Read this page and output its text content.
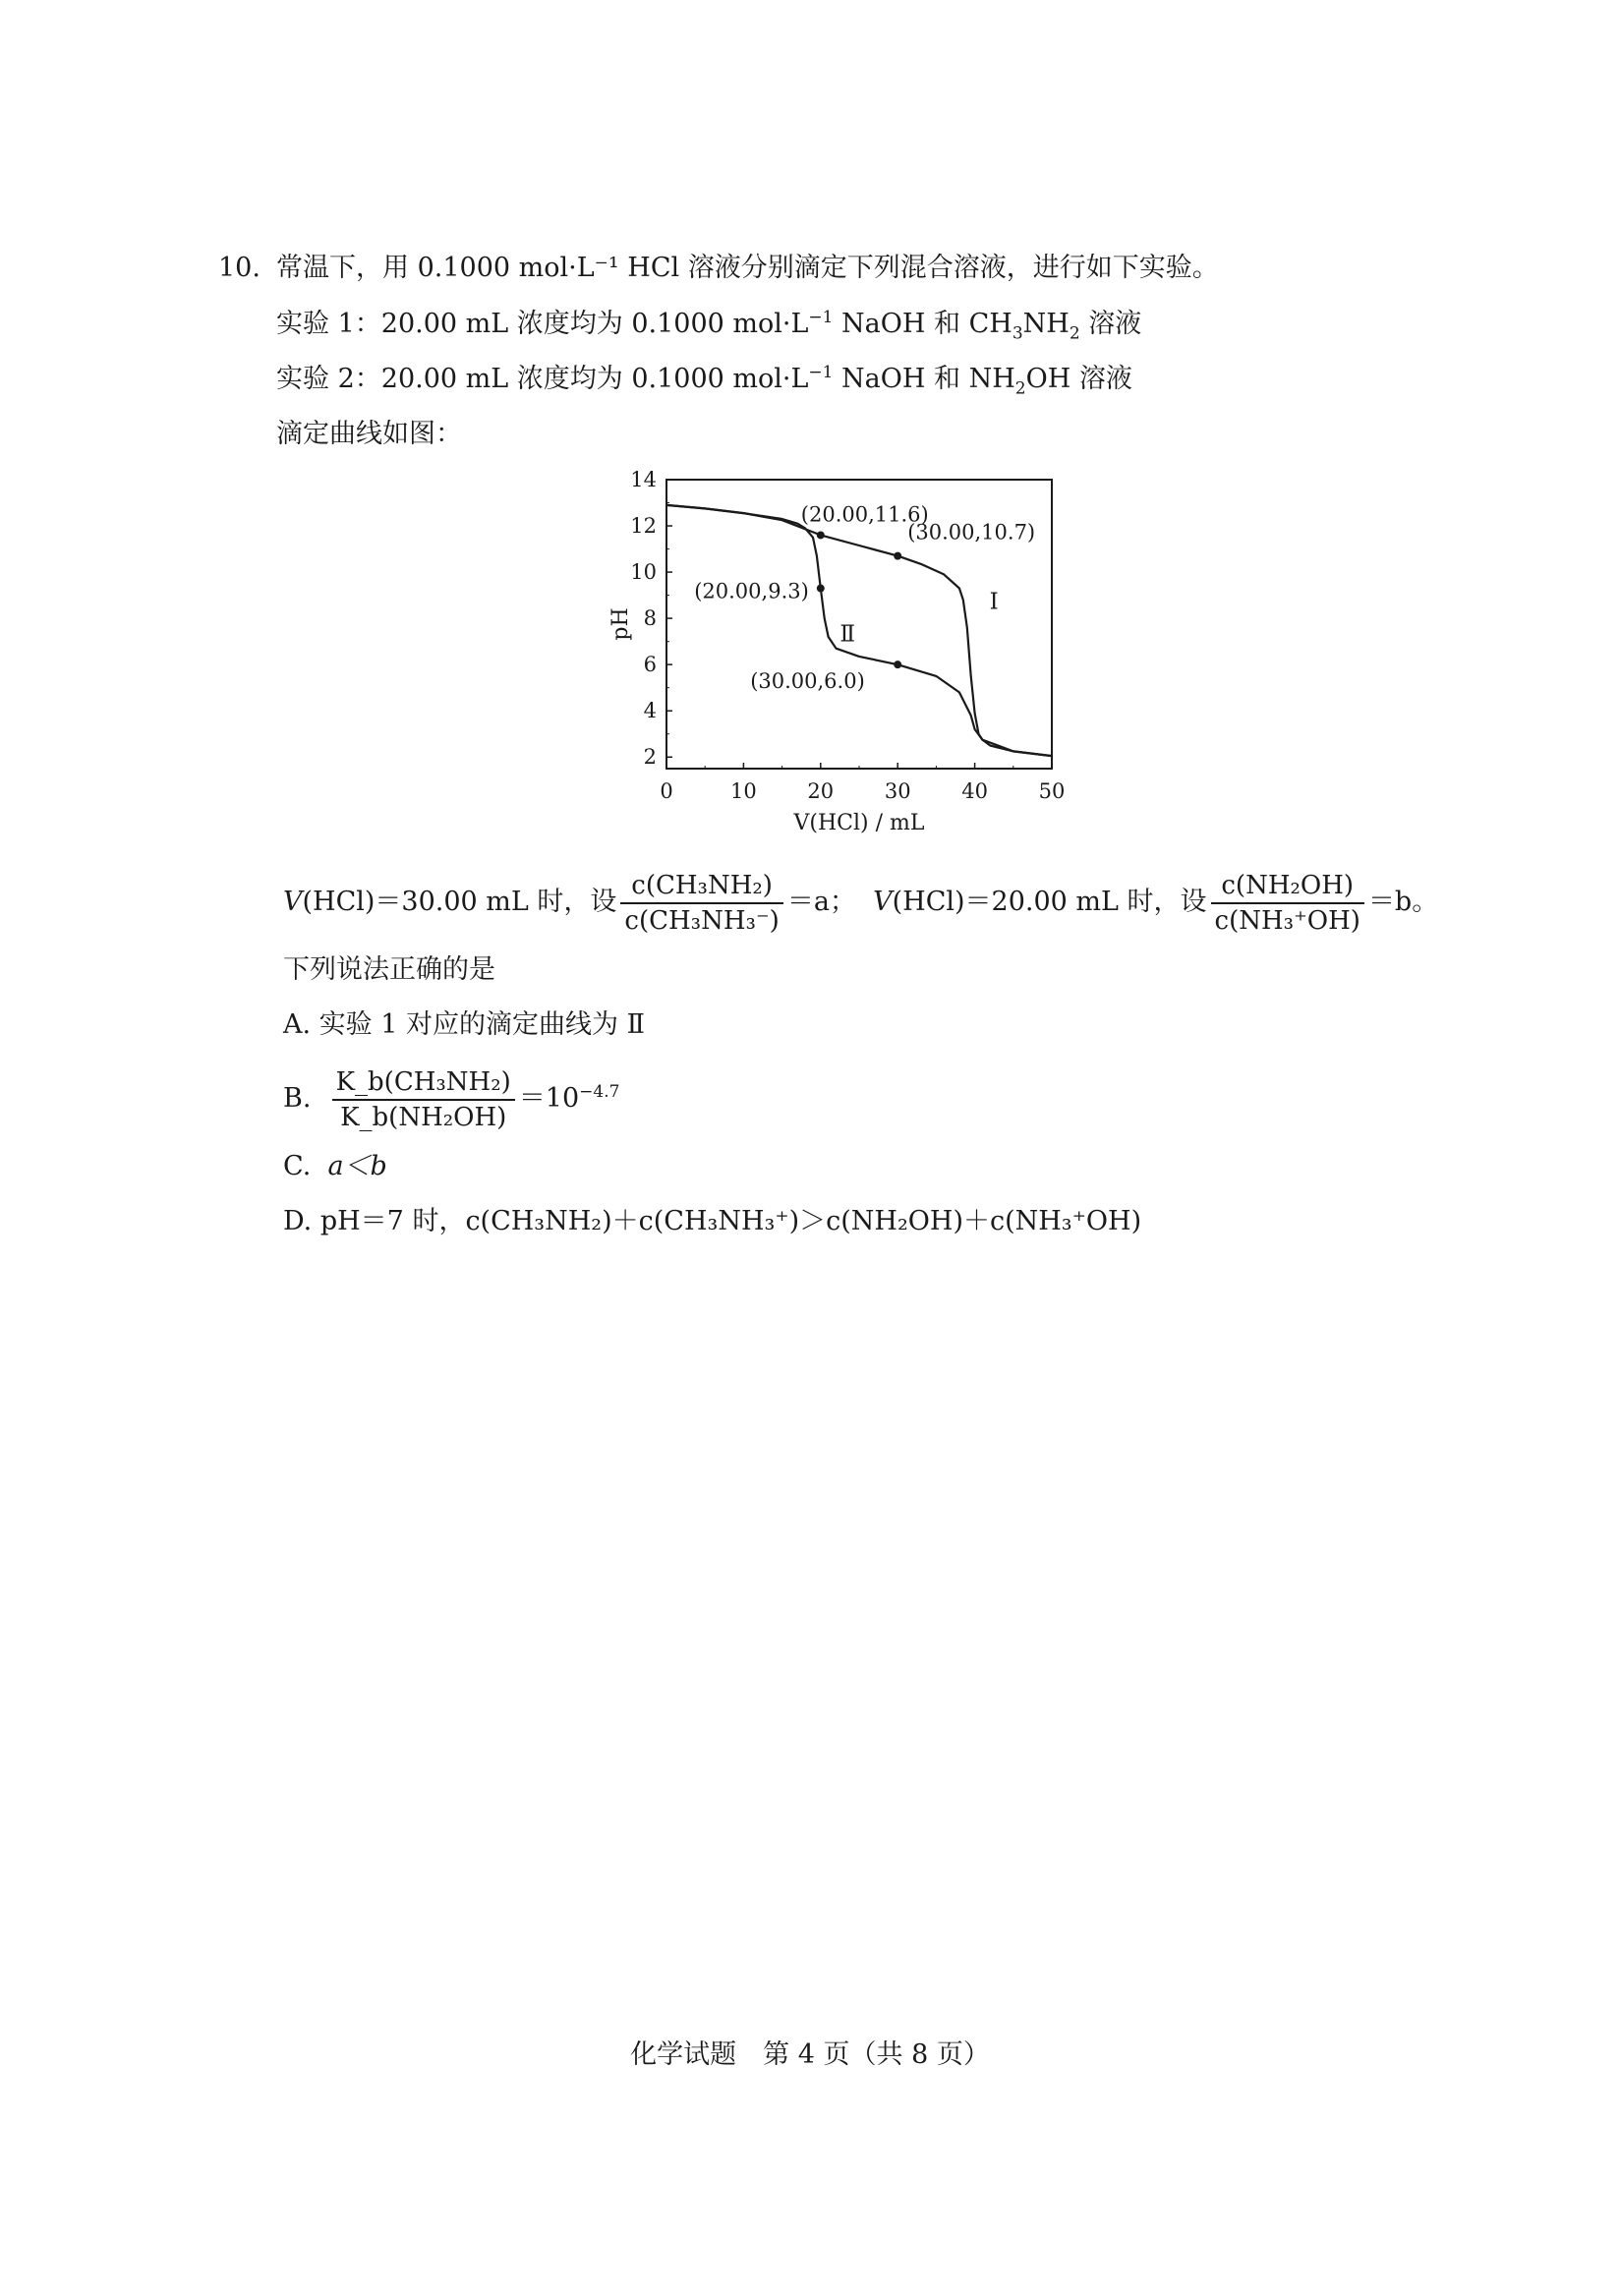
10. 常温下，用 0.1000 mol·L⁻¹ HCl 溶液分别滴定下列混合溶液，进行如下实验。
实验 1：20.00 mL 浓度均为 0.1000 $mol\cdot L^{-1}$ NaOH 和 $CH_3NH_2$ 溶液
实验 2：20.00 mL 浓度均为 0.1000 $mol\cdot L^{-1}$ NaOH 和 $NH_2OH$ 溶液
滴定曲线如图：
0	10 20 30 40 50
2
4
6
8
10
12
14
V(HCl) / mL
pH
Ⅰ
Ⅱ
(20.00,11.6)
(30.00,10.7)
(20.00,9.3)
(30.00,6.0)
V(HCl)＝30.00 mL 时，设 $\frac{\text{c(CH₃NH₂)}}{\text{c(CH₃NH₃⁻)}} =a$； V(HCl)＝20.00 mL 时，设 $\frac{\text{c(NH₂OH)}}{\text{c(NH₃⁺OH)}} =b$。
下列说法正确的是
A. 实验 1 对应的滴定曲线为 Ⅱ
B. $\frac{\text{K\_b(CH₃NH₂)}}{\text{K\_b(NH₂OH)}} =10^{-4.7}$
C. a＜b
D. pH＝7 时，c(CH₃NH₂)＋c(CH₃NH₃⁺)＞c(NH₂OH)＋c(NH₃⁺OH)
化学试题　第 4 页（共 8 页）
